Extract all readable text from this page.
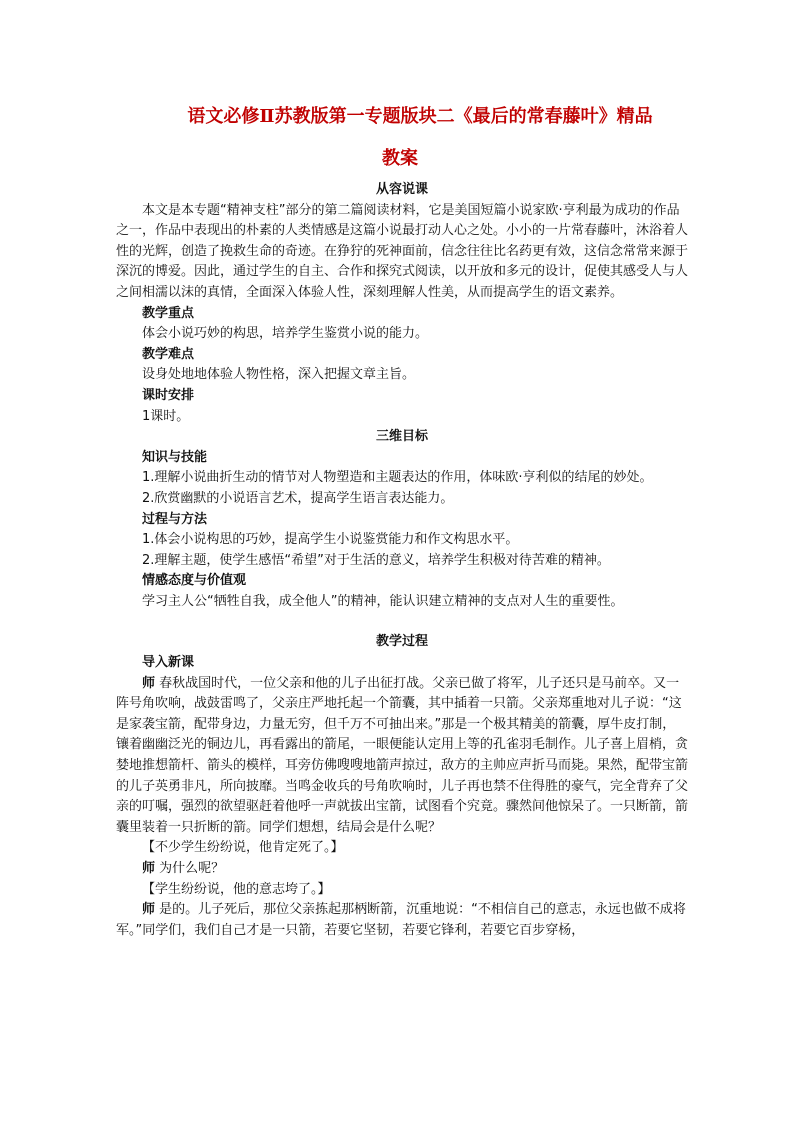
语文必修Ⅱ苏教版第一专题版块二《最后的常春藤叶》精品
教案
从容说课

本文是本专题“精神支柱”部分的第二篇阅读材料，它是美国短篇小说家欧·亨利最为成功的作品之一，作品中表现出的朴素的人类情感是这篇小说最打动人心之处。小小的一片常春藤叶，沐浴着人性的光辉，创造了挽救生命的奇迹。在狰狞的死神面前，信念往往比名药更有效，这信念常常来源于深沉的博爱。因此，通过学生的自主、合作和探究式阅读，以开放和多元的设计，促使其感受人与人之间相濡以沫的真情，全面深入体验人性，深刻理解人性美，从而提高学生的语文素养。

教学重点
体会小说巧妙的构思，培养学生鉴赏小说的能力。
教学难点
设身处地地体验人物性格，深入把握文章主旨。
课时安排
1课时。
三维目标
知识与技能

1.理解小说曲折生动的情节对人物塑造和主题表达的作用，体味欧·亨利似的结尾的妙处。

2.欣赏幽默的小说语言艺术，提高学生语言表达能力。
过程与方法
1.体会小说构思的巧妙，提高学生小说鉴赏能力和作文构思水平。
2.理解主题，使学生感悟“希望”对于生活的意义，培养学生积极对待苦难的精神。
情感态度与价值观
学习主人公“牺牲自我，成全他人”的精神，能认识建立精神的支点对人生的重要性。
教学过程
导入新课

师 春秋战国时代，一位父亲和他的儿子出征打战。父亲已做了将军，儿子还只是马前卒。又一阵号角吹响，战鼓雷鸣了，父亲庄严地托起一个箭囊，其中插着一只箭。父亲郑重地对儿子说：“这是家袭宝箭，配带身边，力量无穷，但千万不可抽出来。”那是一个极其精美的箭囊，厚牛皮打制，镶着幽幽泛光的铜边儿，再看露出的箭尾，一眼便能认定用上等的孔雀羽毛制作。儿子喜上眉梢，贪婪地推想箭杆、箭头的模样，耳旁仿佛嗖嗖地箭声掠过，敌方的主帅应声折马而毙。果然，配带宝箭的儿子英勇非凡，所向披靡。当鸣金收兵的号角吹响时，儿子再也禁不住得胜的豪气，完全背弃了父亲的叮嘱，强烈的欲望驱赶着他呼一声就拔出宝箭，试图看个究竟。骤然间他惊呆了。一只断箭，箭囊里装着一只折断的箭。同学们想想，结局会是什么呢？

【不少学生纷纷说，他肯定死了。】
师 为什么呢？
【学生纷纷说，他的意志垮了。】

师 是的。儿子死后，那位父亲拣起那柄断箭，沉重地说：“不相信自己的意志，永远也做不成将军。”同学们，我们自己才是一只箭，若要它坚韧，若要它锋利，若要它百步穿杨，
